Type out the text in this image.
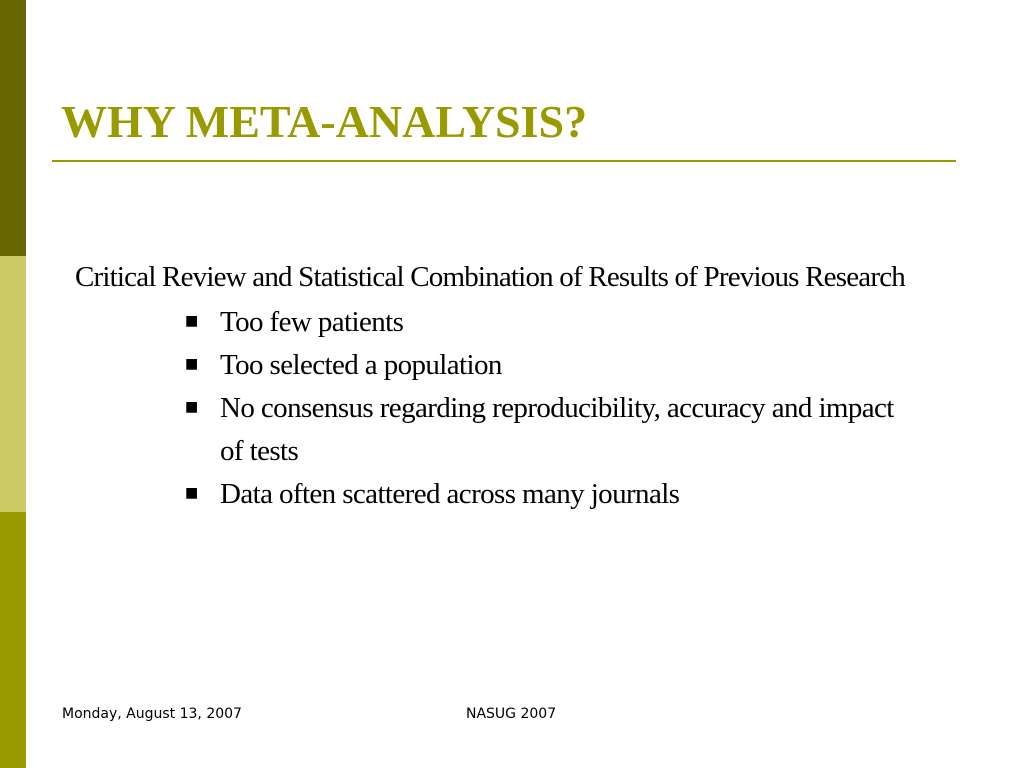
WHY META-ANALYSIS?
Critical Review and Statistical Combination of Results of Previous Research
■ Too few patients
■ Too selected a population
■ No consensus regarding reproducibility, accuracy and impact of tests
■ Data often scattered across many journals
Monday, August 13, 2007	NASUG 2007
